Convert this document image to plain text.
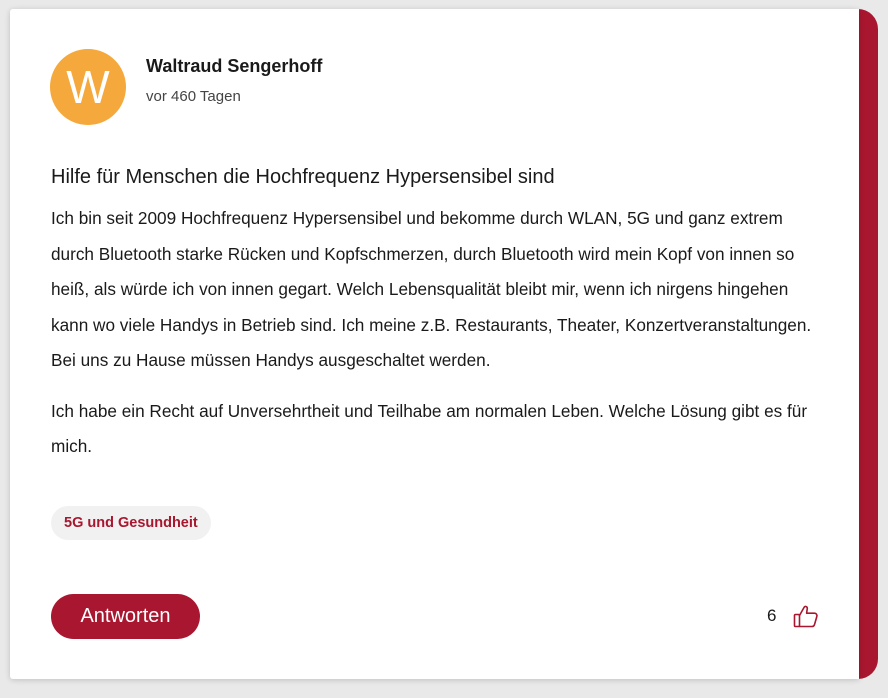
W	Waltraud Sengerhoff
vor 460 Tagen
Hilfe für Menschen die Hochfrequenz Hypersensibel sind

Ich bin seit 2009 Hochfrequenz Hypersensibel und bekomme durch WLAN, 5G und ganz extrem durch Bluetooth starke Rücken und Kopfschmerzen, durch Bluetooth wird mein Kopf von innen so heiß, als würde ich von innen gegart. Welch Lebensqualität bleibt mir, wenn ich nirgens hingehen kann wo viele Handys in Betrieb sind. Ich meine z.B. Restaurants, Theater, Konzertveranstaltungen. Bei uns zu Hause müssen Handys ausgeschaltet werden.

Ich habe ein Recht auf Unversehrtheit und Teilhabe am normalen Leben. Welche Lösung gibt es für mich.

5G und Gesundheit
Antworten	6
